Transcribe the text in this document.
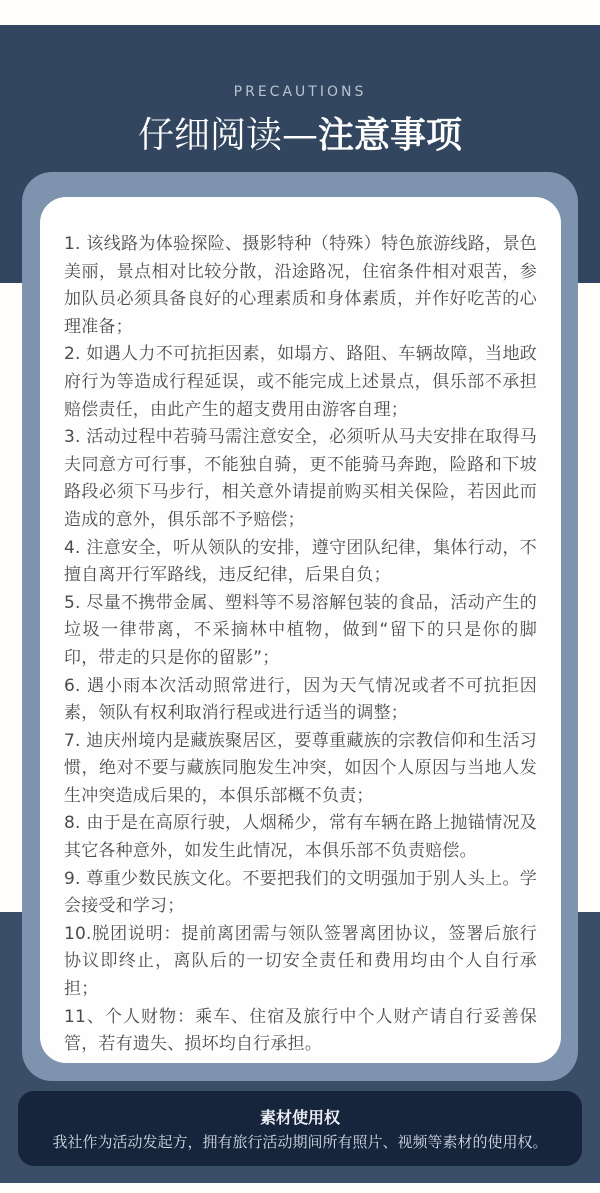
PRECAUTIONS
仔细阅读—注意事项

1. 该线路为体验探险、摄影特种（特殊）特色旅游线路，景色美丽，景点相对比较分散，沿途路况，住宿条件相对艰苦，参加队员必须具备良好的心理素质和身体素质，并作好吃苦的心理准备；

2. 如遇人力不可抗拒因素，如塌方、路阻、车辆故障，当地政府行为等造成行程延误，或不能完成上述景点，俱乐部不承担赔偿责任，由此产生的超支费用由游客自理；

3. 活动过程中若骑马需注意安全，必须听从马夫安排在取得马夫同意方可行事，不能独自骑，更不能骑马奔跑，险路和下坡路段必须下马步行，相关意外请提前购买相关保险，若因此而造成的意外，俱乐部不予赔偿；

4. 注意安全，听从领队的安排，遵守团队纪律，集体行动，不擅自离开行军路线，违反纪律，后果自负；

5. 尽量不携带金属、塑料等不易溶解包装的食品，活动产生的垃圾一律带离，不采摘林中植物，做到“留下的只是你的脚印，带走的只是你的留影”；

6. 遇小雨本次活动照常进行，因为天气情况或者不可抗拒因素，领队有权利取消行程或进行适当的调整；

7. 迪庆州境内是藏族聚居区，要尊重藏族的宗教信仰和生活习惯，绝对不要与藏族同胞发生冲突，如因个人原因与当地人发生冲突造成后果的，本俱乐部概不负责；

8. 由于是在高原行驶，人烟稀少，常有车辆在路上抛锚情况及其它各种意外，如发生此情况，本俱乐部不负责赔偿。

9. 尊重少数民族文化。不要把我们的文明强加于别人头上。学会接受和学习；

10.脱团说明：提前离团需与领队签署离团协议，签署后旅行协议即终止，离队后的一切安全责任和费用均由个人自行承担；

11、个人财物：乘车、住宿及旅行中个人财产请自行妥善保管，若有遗失、损坏均自行承担。

素材使用权
我社作为活动发起方，拥有旅行活动期间所有照片、视频等素材的使用权。
